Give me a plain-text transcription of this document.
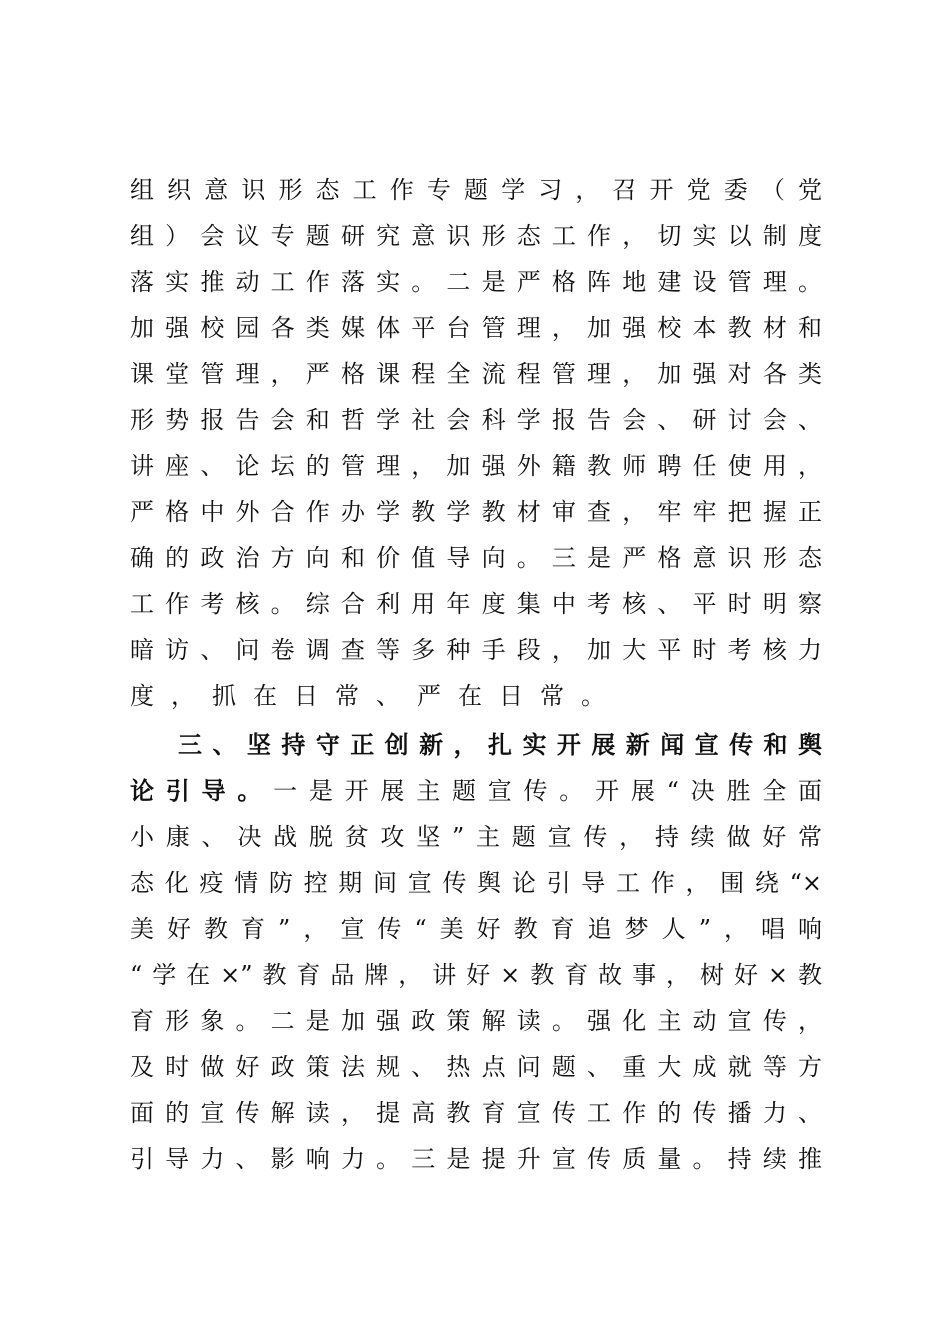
组织意识形态工作专题学习，召开党委（党
组）会议专题研究意识形态工作，切实以制度
落实推动工作落实。二是严格阵地建设管理。
加强校园各类媒体平台管理，加强校本教材和
课堂管理，严格课程全流程管理，加强对各类
形势报告会和哲学社会科学报告会、研讨会、
讲座、论坛的管理，加强外籍教师聘任使用，
严格中外合作办学教学教材审查，牢牢把握正
确的政治方向和价值导向。三是严格意识形态
工作考核。综合利用年度集中考核、平时明察
暗访、问卷调查等多种手段，加大平时考核力
度，抓在日常、严在日常。
三、坚持守正创新，扎实开展新闻宣传和舆
论引导。一是开展主题宣传。开展“决胜全面
小康、决战脱贫攻坚”主题宣传，持续做好常
态化疫情防控期间宣传舆论引导工作，围绕“×
美好教育”，宣传“美好教育追梦人”，唱响
“学在×”教育品牌，讲好×教育故事，树好×教
育形象。二是加强政策解读。强化主动宣传，
及时做好政策法规、热点问题、重大成就等方
面的宣传解读，提高教育宣传工作的传播力、
引导力、影响力。三是提升宣传质量。持续推
